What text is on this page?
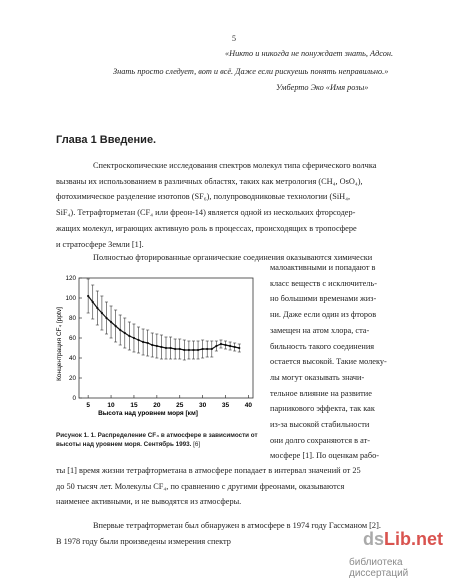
5
«Никто и никогда не понуждает знать, Адсон.
Знать просто следует, вот и всё. Даже если рискуешь понять неправильно.»
Умберто Эко «Имя розы»
Глава 1 Введение.
Спектроскопические исследования спектров молекул типа сферического волчка
вызваны их использованием в различных областях, таких как метрология (CH₄, OsO₄),
фотохимическое разделение изотопов (SF₆), полупроводниковые технологии (SiH₄,
SiF₄). Тетрафторметан (CF₄ или фреон-14) является одной из нескольких фторсодер-
жащих молекул, играющих активную роль в процессах, происходящих в тропосфере
и стратосфере Земли [1].
Полностью фторированные органические соединения оказываются химически
5	10 15 20 25 30 35 40
0
20
40
60
80
100
120
Концентрация CF₄ [pptv]
Высота над уровнем моря [км]
малоактивными и попадают в
класс веществ с исключитель-
но большими временами жиз-
ни. Даже если один из фторов
замещен на атом хлора, ста-
бильность такого соединения
остается высокой. Такие молеку-
лы могут оказывать значи-
тельное влияние на развитие
парникового эффекта, так как
из-за высокой стабильности
они долго сохраняются в ат-
мосфере [1]. По оценкам рабо-
Рисунок 1. 1. Распределение CF₄ в атмосфере в зависимости от
высоты над уровнем моря. Сентябрь 1993. [6]
ты [1] время жизни тетрафторметана в атмосфере попадает в интервал значений от 25
до 50 тысяч лет. Молекулы CF₄, по сравнению с другими фреонами, оказываются
наименее активными, и не выводятся из атмосферы.
Впервые тетрафторметан был обнаружен в атмосфере в 1974 году Гассманом [2].
В 1978 году были произведены измерения спектр	dsLib.net
библиотека диссертаций
